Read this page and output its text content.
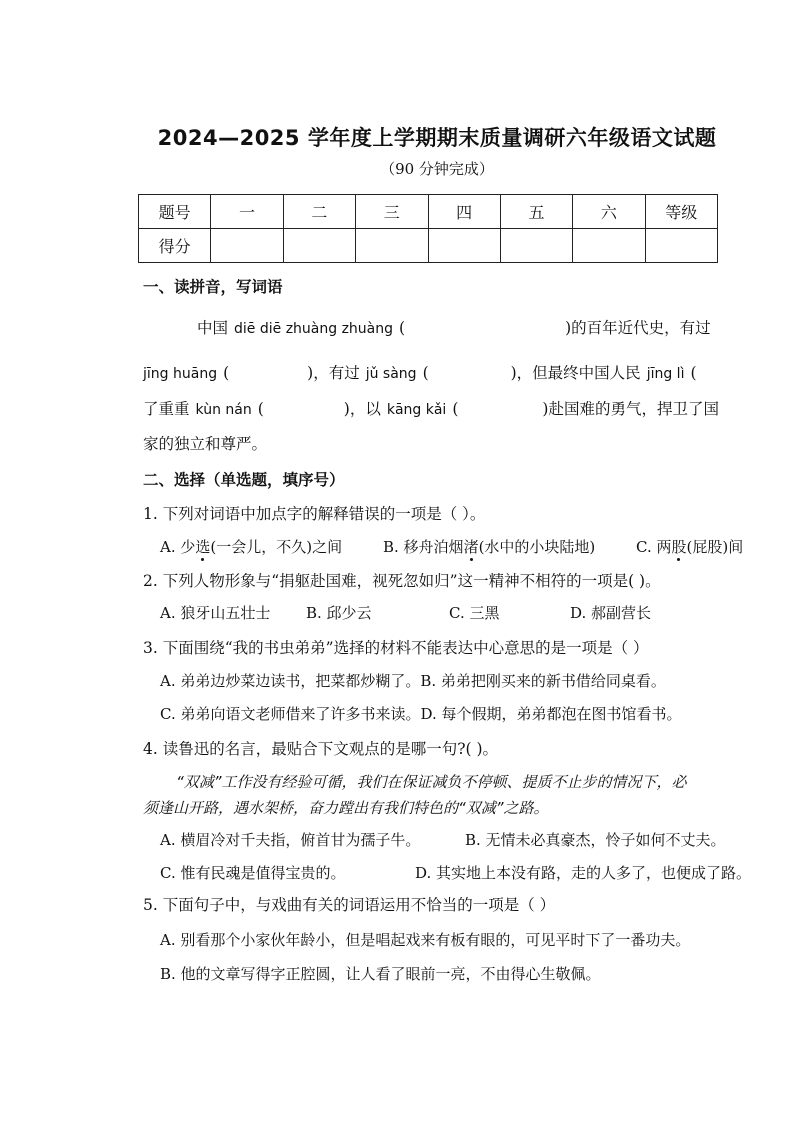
2024—2025 学年度上学期期末质量调研六年级语文试题
（90 分钟完成）
题号	一	二	三	四	五	六	等级
得分							
一、读拼音，写词语
中国 diē diē zhuàng zhuàng (	)的百年近代史，有过
jīng huāng (	)，有过 jǔ sàng (	)，但最终中国人民 jīng lì (
了重重 kùn nán (	)，以 kāng kǎi (	)赴国难的勇气，捍卫了国
家的独立和尊严。
二、选择（单选题，填序号）
1. 下列对词语中加点字的解释错误的一项是（ ）。
A. 少选(一会儿，不久)之间	B. 移舟泊烟渚(水中的小块陆地)	C. 两股(屁股)间
2. 下列人物形象与“捐躯赴国难，视死忽如归”这一精神不相符的一项是( )。
A. 狼牙山五壮士 B. 邱少云	C. 三黑	D. 郝副营长
3. 下面围绕“我的书虫弟弟”选择的材料不能表达中心意思的是一项是（ ）
A. 弟弟边炒菜边读书，把菜都炒糊了。B. 弟弟把刚买来的新书借给同桌看。
C. 弟弟向语文老师借来了许多书来读。D. 每个假期，弟弟都泡在图书馆看书。
4. 读鲁迅的名言，最贴合下文观点的是哪一句?( )。
“双减”工作没有经验可循，我们在保证减负不停顿、提质不止步的情况下，必
须逢山开路，遇水架桥，奋力蹚出有我们特色的“双减”之路。
A. 横眉冷对千夫指，俯首甘为孺子牛。	B. 无情未必真豪杰，怜子如何不丈夫。
C. 惟有民魂是值得宝贵的。	D. 其实地上本没有路，走的人多了，也便成了路。
5. 下面句子中，与戏曲有关的词语运用不恰当的一项是（ ）
A. 别看那个小家伙年龄小，但是唱起戏来有板有眼的，可见平时下了一番功夫。
B. 他的文章写得字正腔圆，让人看了眼前一亮，不由得心生敬佩。
